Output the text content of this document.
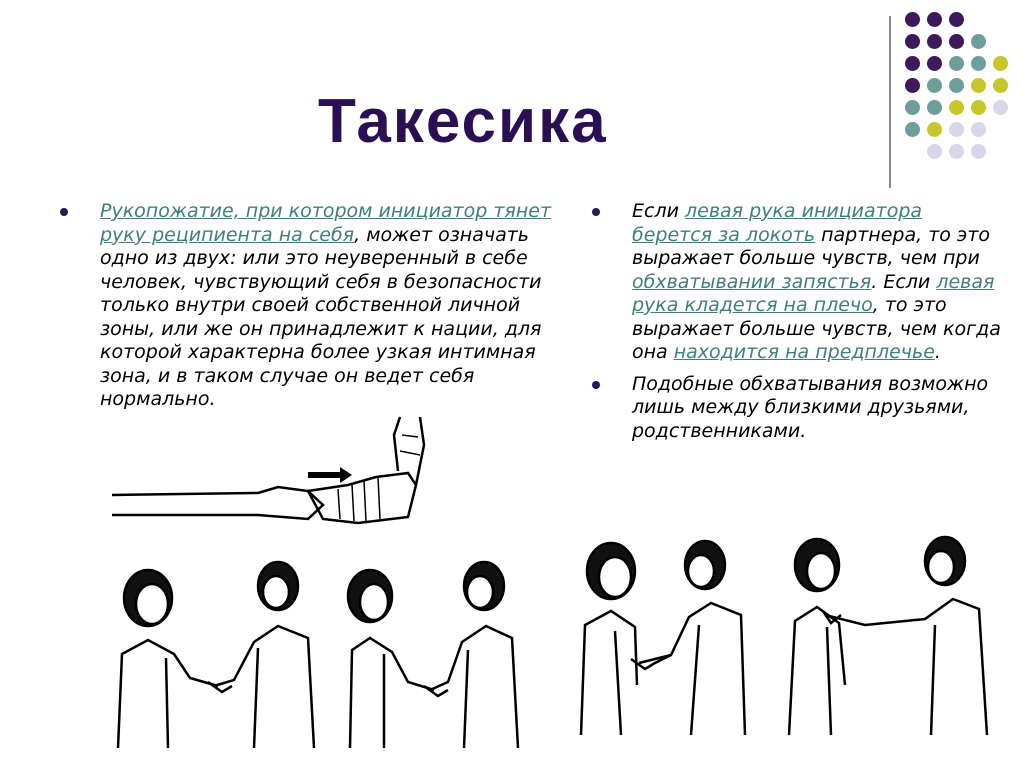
Такесика
Рукопожатие, при котором инициатор тянет руку реципиента на себя, может означать одно из двух: или это неуверенный в себе человек, чувствующий себя в безопасности только внутри своей собственной личной зоны, или же он принадлежит к нации, для которой характерна более узкая интимная зона, и в таком случае он ведет себя нормально.
Если левая рука инициатора берется за локоть партнера, то это выражает больше чувств, чем при обхватывании запястья. Если левая рука кладется на плечо, то это выражает больше чувств, чем когда она находится на предплечье.
Подобные обхватывания возможно лишь между близкими друзьями, родственниками.
